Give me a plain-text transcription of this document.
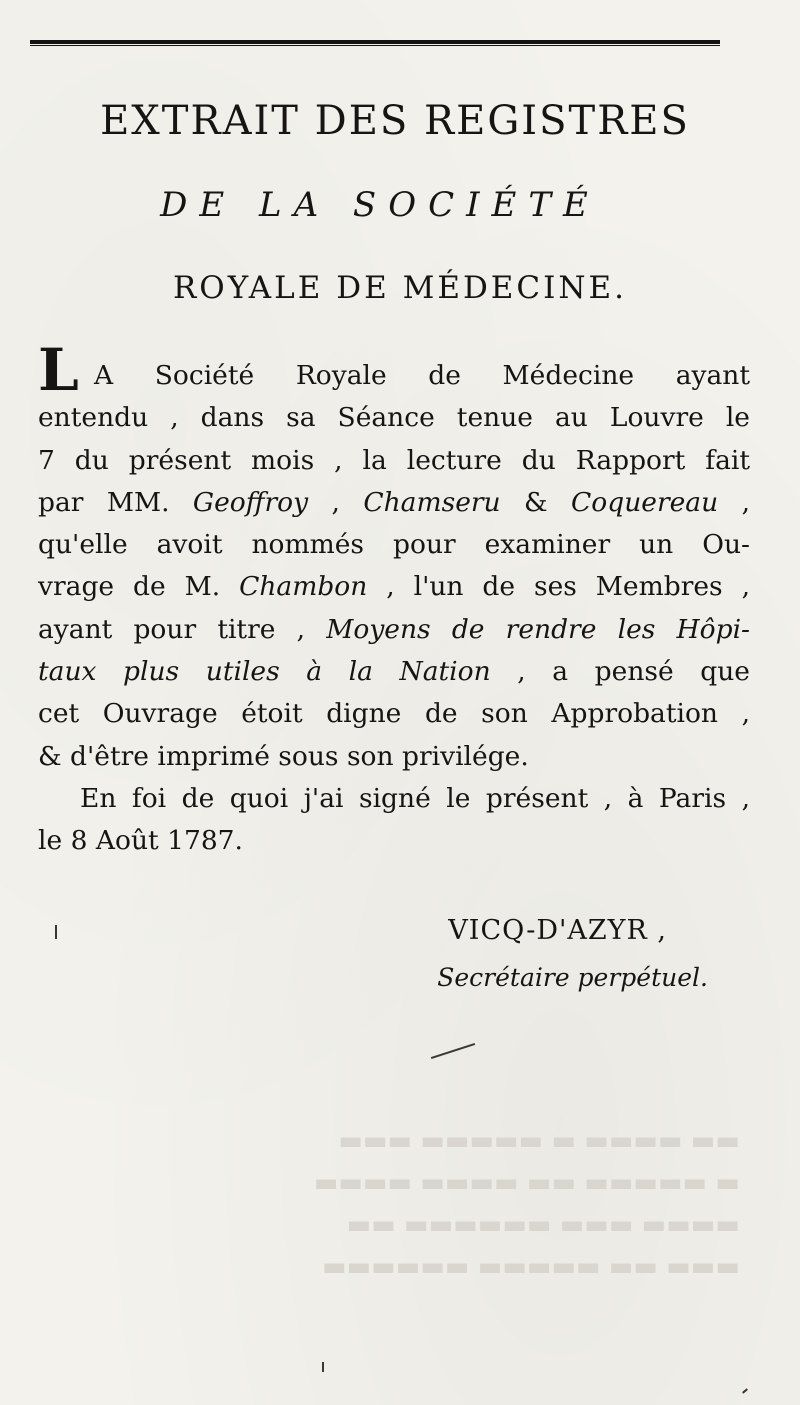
EXTRAIT DES REGISTRES
DE LA SOCIÉTÉ
ROYALE DE MÉDECINE.
L A Société Royale de Médecine ayant
entendu , dans sa Séance tenue au Louvre le
7 du présent mois , la lecture du Rapport fait
par MM. Geoffroy , Chamseru & Coquereau ,
qu'elle avoit nommés pour examiner un Ou-
vrage de M. Chambon , l'un de ses Membres ,
ayant pour titre , Moyens de rendre les Hôpi-
taux plus utiles à la Nation , a pensé que
cet Ouvrage étoit digne de son Approbation ,
& d'être imprimé sous son privilége.
En foi de quoi j'ai signé le présent , à Paris ,
le 8 Août 1787.
VICQ-D'AZYR ,
Secrétaire perpétuel.
▬▬ ▬▬▬▬ ▬ ▬▬▬▬▬ ▬▬▬
▬ ▬▬▬▬▬ ▬▬ ▬▬▬▬ ▬▬▬▬
▬▬▬▬ ▬▬▬ ▬▬▬▬▬▬ ▬▬
▬▬▬ ▬▬ ▬▬▬▬▬ ▬▬▬▬▬▬
